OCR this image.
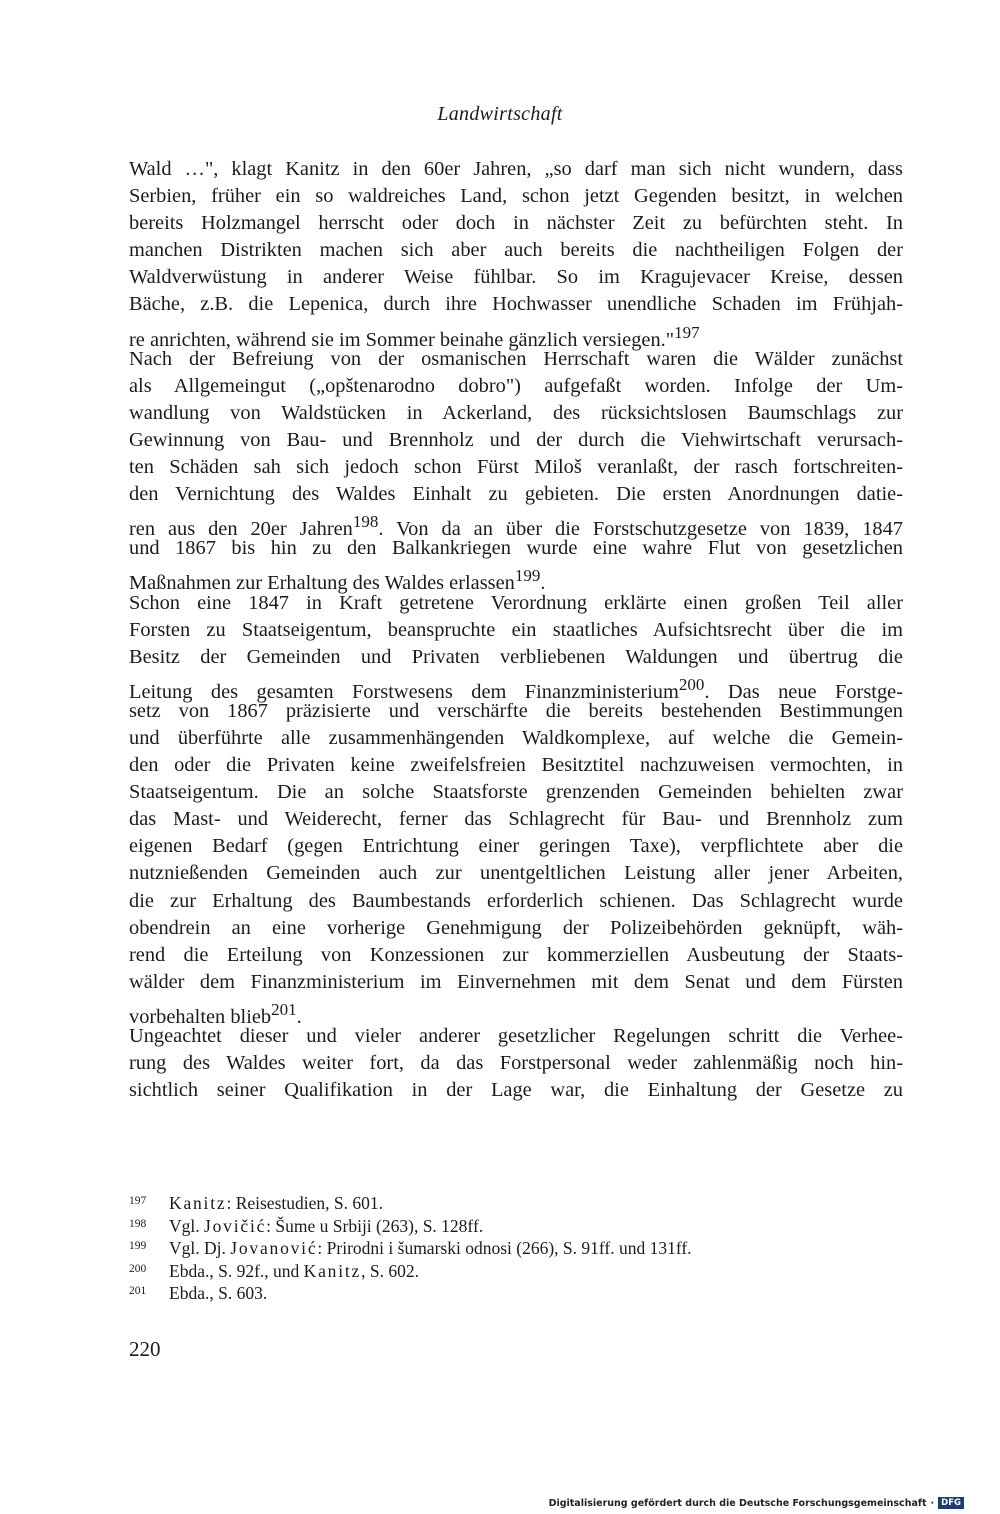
Landwirtschaft
Wald …", klagt Kanitz in den 60er Jahren, „so darf man sich nicht wundern, dass
Serbien, früher ein so waldreiches Land, schon jetzt Gegenden besitzt, in welchen
bereits Holzmangel herrscht oder doch in nächster Zeit zu befürchten steht. In
manchen Distrikten machen sich aber auch bereits die nachtheiligen Folgen der
Waldverwüstung in anderer Weise fühlbar. So im Kragujevacer Kreise, dessen
Bäche, z.B. die Lepenica, durch ihre Hochwasser unendliche Schaden im Frühjah-
re anrichten, während sie im Sommer beinahe gänzlich versiegen."$^{197}$
Nach der Befreiung von der osmanischen Herrschaft waren die Wälder zunächst
als Allgemeingut („opštenarodno dobro") aufgefaßt worden. Infolge der Um-
wandlung von Waldstücken in Ackerland, des rücksichtslosen Baumschlags zur
Gewinnung von Bau- und Brennholz und der durch die Viehwirtschaft verursach-
ten Schäden sah sich jedoch schon Fürst Miloš veranlaßt, der rasch fortschreiten-
den Vernichtung des Waldes Einhalt zu gebieten. Die ersten Anordnungen datie-
ren aus den 20er Jahren$^{198}$. Von da an über die Forstschutzgesetze von 1839, 1847
und 1867 bis hin zu den Balkankriegen wurde eine wahre Flut von gesetzlichen
Maßnahmen zur Erhaltung des Waldes erlassen$^{199}$.
Schon eine 1847 in Kraft getretene Verordnung erklärte einen großen Teil aller
Forsten zu Staatseigentum, beanspruchte ein staatliches Aufsichtsrecht über die im
Besitz der Gemeinden und Privaten verbliebenen Waldungen und übertrug die
Leitung des gesamten Forstwesens dem Finanzministerium$^{200}$. Das neue Forstge-
setz von 1867 präzisierte und verschärfte die bereits bestehenden Bestimmungen
und überführte alle zusammenhängenden Waldkomplexe, auf welche die Gemein-
den oder die Privaten keine zweifelsfreien Besitztitel nachzuweisen vermochten, in
Staatseigentum. Die an solche Staatsforste grenzenden Gemeinden behielten zwar
das Mast- und Weiderecht, ferner das Schlagrecht für Bau- und Brennholz zum
eigenen Bedarf (gegen Entrichtung einer geringen Taxe), verpflichtete aber die
nutznießenden Gemeinden auch zur unentgeltlichen Leistung aller jener Arbeiten,
die zur Erhaltung des Baumbestands erforderlich schienen. Das Schlagrecht wurde
obendrein an eine vorherige Genehmigung der Polizeibehörden geknüpft, wäh-
rend die Erteilung von Konzessionen zur kommerziellen Ausbeutung der Staats-
wälder dem Finanzministerium im Einvernehmen mit dem Senat und dem Fürsten
vorbehalten blieb$^{201}$.
Ungeachtet dieser und vieler anderer gesetzlicher Regelungen schritt die Verhee-
rung des Waldes weiter fort, da das Forstpersonal weder zahlenmäßig noch hin-
sichtlich seiner Qualifikation in der Lage war, die Einhaltung der Gesetze zu
197 Kanitz: Reisestudien, S. 601.
198 Vgl. Jovičić: Šume u Srbiji (263), S. 128ff.
199 Vgl. Dj. Jovanović: Prirodni i šumarski odnosi (266), S. 91ff. und 131ff.
200 Ebda., S. 92f., und Kanitz, S. 602.
201 Ebda., S. 603.
220
Digitalisierung gefördert durch die Deutsche Forschungsgemeinschaft · DFG
